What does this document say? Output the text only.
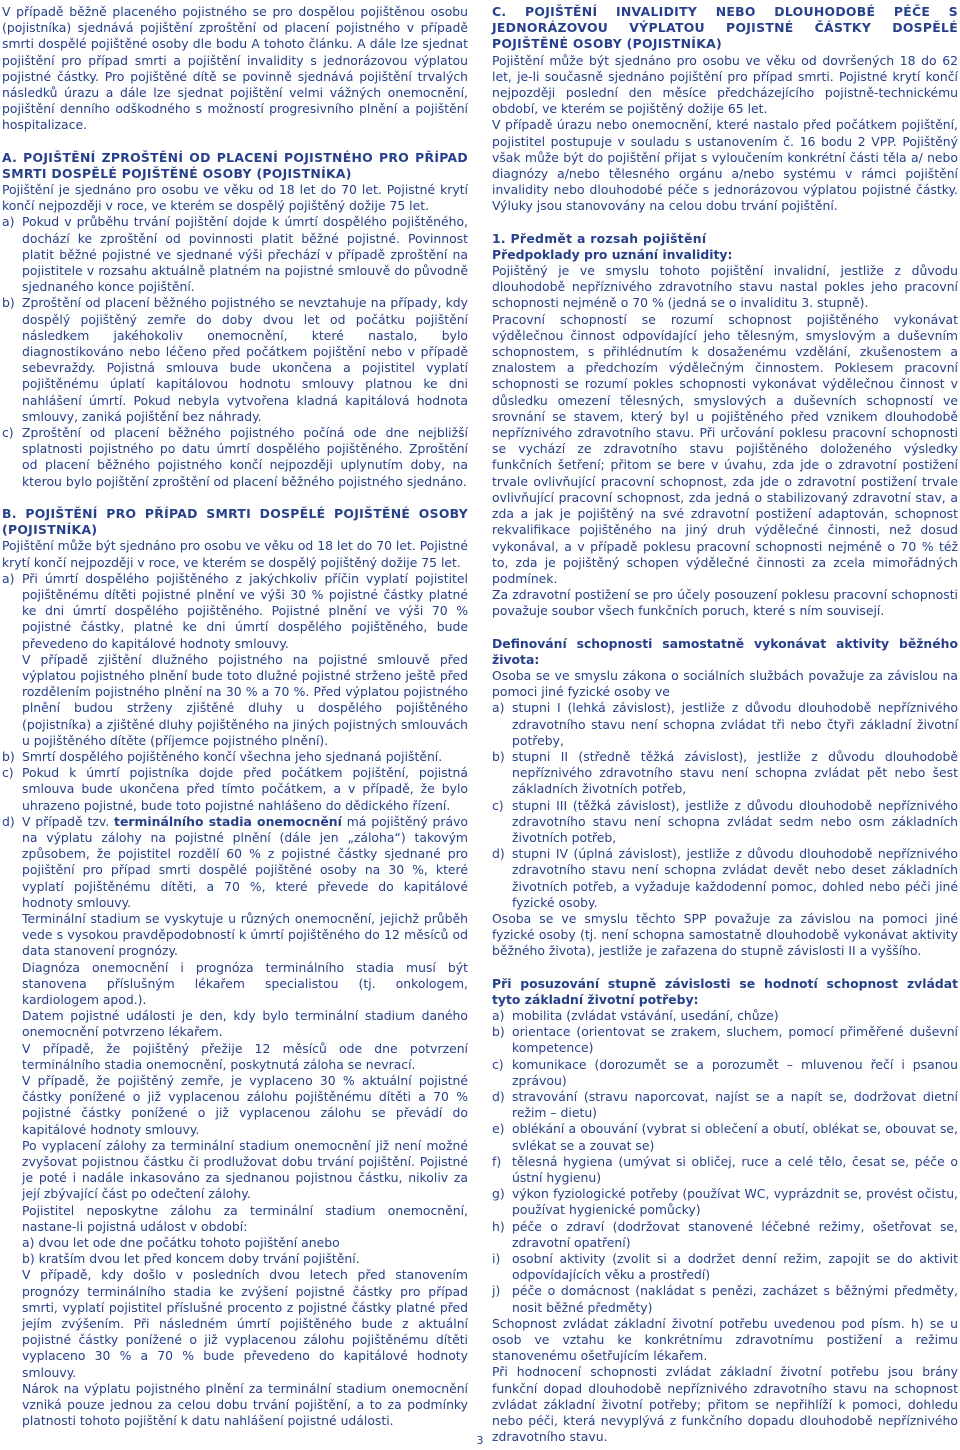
V případě běžně placeného pojistného se pro dospělou pojištěnou osobu (pojistníka) sjednává pojištění zproštění od placení pojistného v případě smrti dospělé pojištěné osoby dle bodu A tohoto článku. A dále lze sjednat pojištění pro případ smrti a pojištění invalidity s jednorázovou výplatou pojistné částky. Pro pojištěné dítě se povinně sjednává pojištění trvalých následků úrazu a dále lze sjednat pojištění velmi vážných onemocnění, pojištění denního odškodného s možností progresivního plnění a pojištění hospitalizace.

A. POJIŠTĚNÍ ZPROŠTĚNÍ OD PLACENÍ POJISTNÉHO PRO PŘÍPAD SMRTI DOSPĚLÉ POJIŠTĚNÉ OSOBY (POJISTNÍKA)

Pojištění je sjednáno pro osobu ve věku od 18 let do 70 let. Pojistné krytí končí nejpozději v roce, ve kterém se dospělý pojištěný dožije 75 let.

a) Pokud v průběhu trvání pojištění dojde k úmrtí dospělého pojištěného, dochází ke zproštění od povinnosti platit běžné pojistné. Povinnost platit běžné pojistné ve sjednané výši přechází v případě zproštění na pojistitele v rozsahu aktuálně platném na pojistné smlouvě do původně sjednaného konce pojištění.
b) Zproštění od placení běžného pojistného se nevztahuje na případy, kdy dospělý pojištěný zemře do doby dvou let od počátku pojištění následkem jakéhokoliv onemocnění, které nastalo, bylo diagnostikováno nebo léčeno před počátkem pojištění nebo v případě sebevraždy. Pojistná smlouva bude ukončena a pojistitel vyplatí pojištěnému úplatí kapitálovou hodnotu smlouvy platnou ke dni nahlášení úmrtí. Pokud nebyla vytvořena kladná kapitálová hodnota smlouvy, zaniká pojištění bez náhrady.
c) Zproštění od placení běžného pojistného počíná ode dne nejbližší splatnosti pojistného po datu úmrtí dospělého pojištěného. Zproštění od placení běžného pojistného končí nejpozději uplynutím doby, na kterou bylo pojištění zproštění od placení běžného pojistného sjednáno.

B. POJIŠTĚNÍ PRO PŘÍPAD SMRTI DOSPĚLÉ POJIŠTĚNÉ OSOBY (POJISTNÍKA)

Pojištění může být sjednáno pro osobu ve věku od 18 let do 70 let. Pojistné krytí končí nejpozději v roce, ve kterém se dospělý pojištěný dožije 75 let.

a) Při úmrtí dospělého pojištěného z jakýchkoliv příčin vyplatí pojistitel pojištěnému dítěti pojistné plnění ve výši 30 % pojistné částky platné ke dni úmrtí dospělého pojištěného. Pojistné plnění ve výši 70 % pojistné částky, platné ke dni úmrtí dospělého pojištěného, bude převedeno do kapitálové hodnoty smlouvy.
V případě zjištění dlužného pojistného na pojistné smlouvě před výplatou pojistného plnění bude toto dlužné pojistné strženo ještě před rozdělením pojistného plnění na 30 % a 70 %. Před výplatou pojistného plnění budou strženy zjištěné dluhy u dospělého pojištěného (pojistníka) a zjištěné dluhy pojištěného na jiných pojistných smlouvách u pojištěného dítěte (příjemce pojistného plnění).
b) Smrtí dospělého pojištěného končí všechna jeho sjednaná pojištění.
c) Pokud k úmrtí pojistníka dojde před počátkem pojištění, pojistná smlouva bude ukončena před tímto počátkem, a v případě, že bylo uhrazeno pojistné, bude toto pojistné nahlášeno do dědického řízení.
d) V případě tzv. terminálního stadia onemocnění má pojištěný právo na výplatu zálohy na pojistné plnění (dále jen „záloha“) takovým způsobem, že pojistitel rozdělí 60 % z pojistné částky sjednané pro pojištění pro případ smrti dospělé pojištěné osoby na 30 %, které vyplatí pojištěnému dítěti, a 70 %, které převede do kapitálové hodnoty smlouvy.

Terminální stadium se vyskytuje u různých onemocnění, jejichž průběh vede s vysokou pravděpodobností k úmrtí pojištěného do 12 měsíců od data stanovení prognózy.

Diagnóza onemocnění i prognóza terminálního stadia musí být stanovena příslušným lékařem specialistou (tj. onkologem, kardiologem apod.).

Datem pojistné události je den, kdy bylo terminální stadium daného onemocnění potvrzeno lékařem.

V případě, že pojištěný přežije 12 měsíců ode dne potvrzení terminálního stadia onemocnění, poskytnutá záloha se nevrací.

V případě, že pojištěný zemře, je vyplaceno 30 % aktuální pojistné částky ponížené o již vyplacenou zálohu pojištěnému dítěti a 70 % pojistné částky ponížené o již vyplacenou zálohu se převádí do kapitálové hodnoty smlouvy.

Po vyplacení zálohy za terminální stadium onemocnění již není možné zvyšovat pojistnou částku či prodlužovat dobu trvání pojištění. Pojistné je poté i nadále inkasováno za sjednanou pojistnou částku, nikoliv za její zbývající část po odečtení zálohy.

Pojistitel neposkytne zálohu za terminální stadium onemocnění, nastane-li pojistná událost v období:

a) dvou let ode dne počátku tohoto pojištění anebo

b) kratším dvou let před koncem doby trvání pojištění.

V případě, kdy došlo v posledních dvou letech před stanovením prognózy terminálního stadia ke zvýšení pojistné částky pro případ smrti, vyplatí pojistitel příslušné procento z pojistné částky platné před jejím zvýšením. Při následném úmrtí pojištěného bude z aktuální pojistné částky ponížené o již vyplacenou zálohu pojištěnému dítěti vyplaceno 30 % a 70 % bude převedeno do kapitálové hodnoty smlouvy.

Nárok na výplatu pojistného plnění za terminální stadium onemocnění vzniká pouze jednou za celou dobu trvání pojištění, a to za podmínky platnosti tohoto pojištění k datu nahlášení pojistné události.

C. POJIŠTĚNÍ INVALIDITY NEBO DLOUHODOBÉ PÉČE S JEDNORÁZOVOU VÝPLATOU POJISTNÉ ČÁSTKY DOSPĚLÉ POJIŠTĚNÉ OSOBY (POJISTNÍKA)

Pojištění může být sjednáno pro osobu ve věku od dovršených 18 do 62 let, je-li současně sjednáno pojištění pro případ smrti. Pojistné krytí končí nejpozději poslední den měsíce předcházejícího pojistně-technickému období, ve kterém se pojištěný dožije 65 let.

V případě úrazu nebo onemocnění, které nastalo před počátkem pojištění, pojistitel postupuje v souladu s ustanovením č. 16 bodu 2 VPP. Pojištěný však může být do pojištění přijat s vyloučením konkrétní části těla a/ nebo diagnózy a/nebo tělesného orgánu a/nebo systému v rámci pojištění invalidity nebo dlouhodobé péče s jednorázovou výplatou pojistné částky. Výluky jsou stanovovány na celou dobu trvání pojištění.

1. Předmět a rozsah pojištění

Předpoklady pro uznání invalidity:

Pojištěný je ve smyslu tohoto pojištění invalidní, jestliže z důvodu dlouhodobě nepříznivého zdravotního stavu nastal pokles jeho pracovní schopnosti nejméně o 70 % (jedná se o invaliditu 3. stupně).

Pracovní schopností se rozumí schopnost pojištěného vykonávat výdělečnou činnost odpovídající jeho tělesným, smyslovým a duševním schopnostem, s přihlédnutím k dosaženému vzdělání, zkušenostem a znalostem a předchozím výdělečným činnostem. Poklesem pracovní schopnosti se rozumí pokles schopnosti vykonávat výdělečnou činnost v důsledku omezení tělesných, smyslových a duševních schopností ve srovnání se stavem, který byl u pojištěného před vznikem dlouhodobě nepříznivého zdravotního stavu. Při určování poklesu pracovní schopnosti se vychází ze zdravotního stavu pojištěného doloženého výsledky funkčních šetření; přitom se bere v úvahu, zda jde o zdravotní postižení trvale ovlivňující pracovní schopnost, zda jde o zdravotní postižení trvale ovlivňující pracovní schopnost, zda jedná o stabilizovaný zdravotní stav, a zda a jak je pojištěný na své zdravotní postižení adaptován, schopnost rekvalifikace pojištěného na jiný druh výdělečné činnosti, než dosud vykonával, a v případě poklesu pracovní schopnosti nejméně o 70 % též to, zda je pojištěný schopen výdělečné činnosti za zcela mimořádných podmínek.

Za zdravotní postižení se pro účely posouzení poklesu pracovní schopnosti považuje soubor všech funkčních poruch, které s ním souvisejí.

Definování schopnosti samostatně vykonávat aktivity běžného života:

Osoba se ve smyslu zákona o sociálních službách považuje za závislou na pomoci jiné fyzické osoby ve

a) stupni I (lehká závislost), jestliže z důvodu dlouhodobě nepříznivého zdravotního stavu není schopna zvládat tři nebo čtyři základní životní potřeby,
b) stupni II (středně těžká závislost), jestliže z důvodu dlouhodobě nepříznivého zdravotního stavu není schopna zvládat pět nebo šest základních životních potřeb,
c) stupni III (těžká závislost), jestliže z důvodu dlouhodobě nepříznivého zdravotního stavu není schopna zvládat sedm nebo osm základních životních potřeb,
d) stupni IV (úplná závislost), jestliže z důvodu dlouhodobě nepříznivého zdravotního stavu není schopna zvládat devět nebo deset základních životních potřeb, a vyžaduje každodenní pomoc, dohled nebo péči jiné fyzické osoby.

Osoba se ve smyslu těchto SPP považuje za závislou na pomoci jiné fyzické osoby (tj. není schopna samostatně dlouhodobě vykonávat aktivity běžného života), jestliže je zařazena do stupně závislosti II a vyššího.

Při posuzování stupně závislosti se hodnotí schopnost zvládat tyto základní životní potřeby:

a) mobilita (zvládat vstávání, usedání, chůze)
b) orientace (orientovat se zrakem, sluchem, pomocí přiměřené duševní kompetence)
c) komunikace (dorozumět se a porozumět – mluvenou řečí i psanou zprávou)
d) stravování (stravu naporcovat, najíst se a napít se, dodržovat dietní režim – dietu)
e) oblékání a obouvání (vybrat si oblečení a obutí, oblékat se, obouvat se, svlékat se a zouvat se)
f) tělesná hygiena (umývat si obličej, ruce a celé tělo, česat se, péče o ústní hygienu)
g) výkon fyziologické potřeby (používat WC, vyprázdnit se, provést očistu, používat hygienické pomůcky)
h) péče o zdraví (dodržovat stanovené léčebné režimy, ošetřovat se, zdravotní opatření)
i) osobní aktivity (zvolit si a dodržet denní režim, zapojit se do aktivit odpovídajících věku a prostředí)
j) péče o domácnost (nakládat s penězi, zacházet s běžnými předměty, nosit běžné předměty)

Schopnost zvládat základní životní potřebu uvedenou pod písm. h) se u osob ve vztahu ke konkrétnímu zdravotnímu postižení a režimu stanovenému ošetřujícím lékařem.

Při hodnocení schopnosti zvládat základní životní potřebu jsou brány funkční dopad dlouhodobě nepříznivého zdravotního stavu na schopnost zvládat základní životní potřeby; přitom se nepřihlíží k pomoci, dohledu nebo péči, která nevyplývá z funkčního dopadu dlouhodobě nepříznivého zdravotního stavu.

3
